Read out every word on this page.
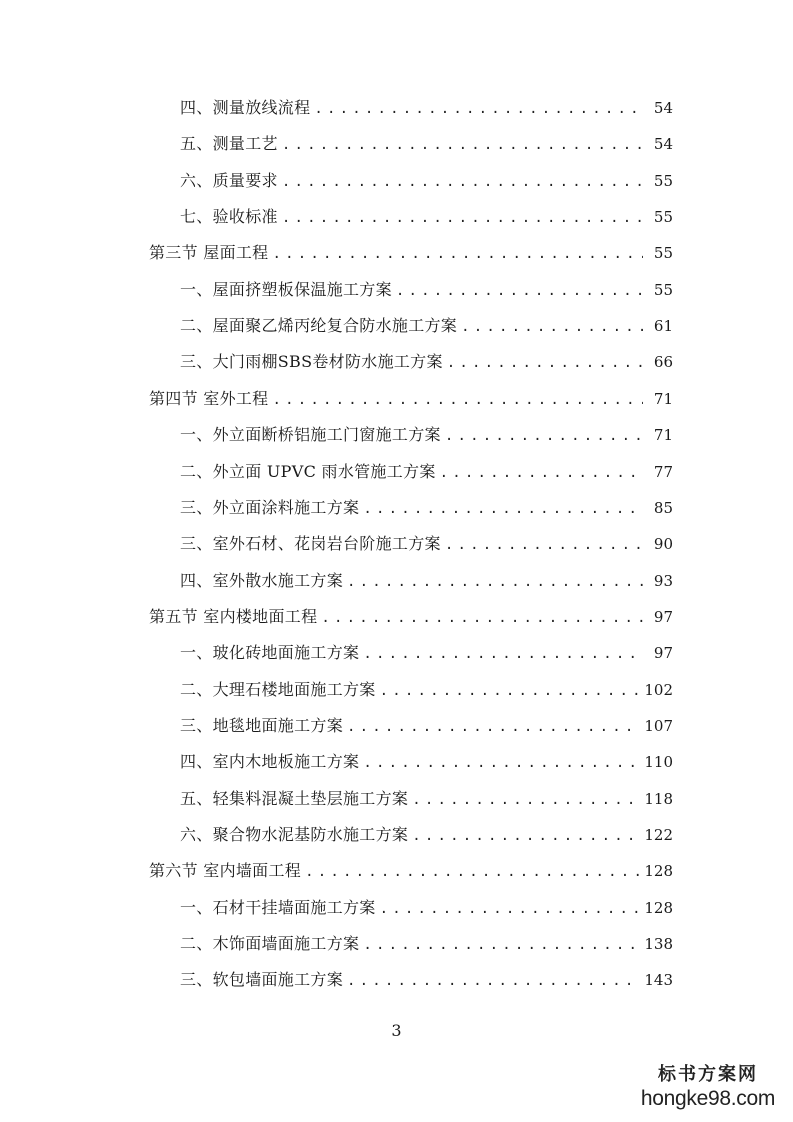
四、测量放线流程 .....	54
五、测量工艺 .....	54
六、质量要求 .....	55
七、验收标准 .....	55
第三节 屋面工程 .....	55
一、屋面挤塑板保温施工方案 .....	55
二、屋面聚乙烯丙纶复合防水施工方案 .....	61
三、大门雨棚SBS卷材防水施工方案 .....	66
第四节 室外工程 .....	71
一、外立面断桥铝施工门窗施工方案 .....	71
二、外立面 UPVC 雨水管施工方案 .....	77
三、外立面涂料施工方案 .....	85
三、室外石材、花岗岩台阶施工方案 .....	90
四、室外散水施工方案 .....	93
第五节 室内楼地面工程 .....	97
一、玻化砖地面施工方案 .....	97
二、大理石楼地面施工方案 .....	102
三、地毯地面施工方案 .....	107
四、室内木地板施工方案 .....	110
五、轻集料混凝土垫层施工方案 .....	118
六、聚合物水泥基防水施工方案 .....	122
第六节 室内墙面工程 .....	128
一、石材干挂墙面施工方案 .....	128
二、木饰面墙面施工方案 .....	138
三、软包墙面施工方案 .....	143
3
标书方案网
hongke98.com
